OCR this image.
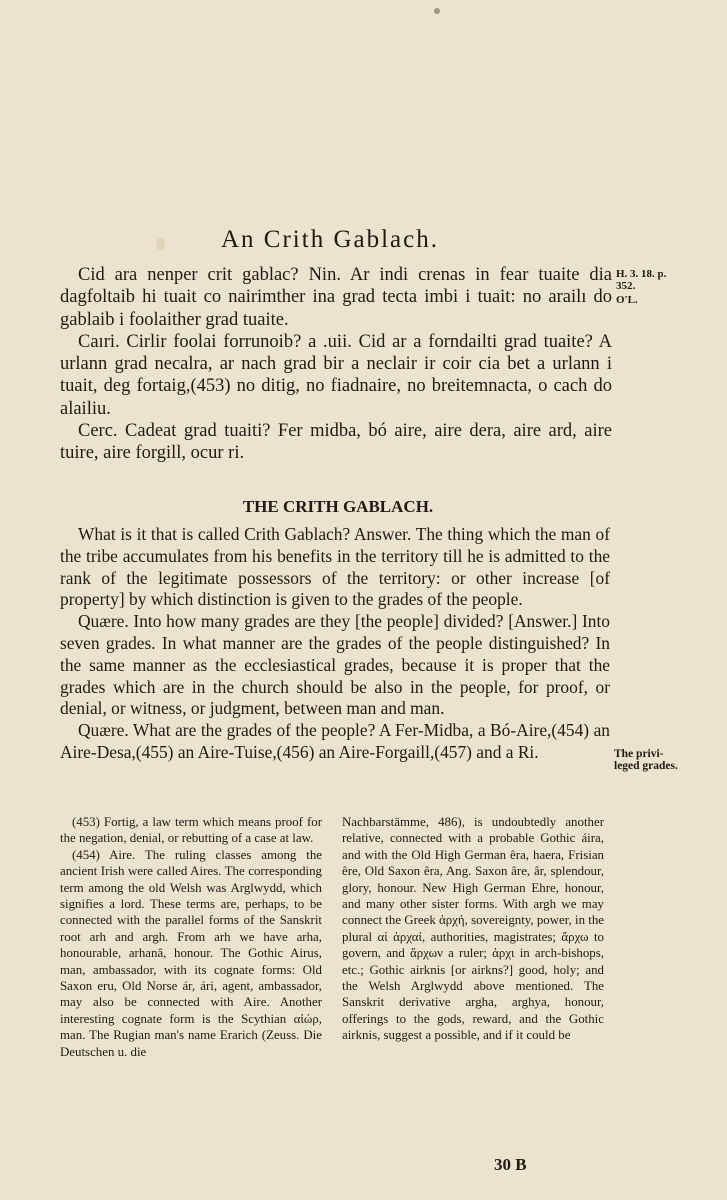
An Crith Gablach.

Cid ara nenper crit gablac? Nin. Ar indi crenas in fear tuaite dia dagfoltaib hi tuait co nairimther ina grad tecta imbi i tuait: no arailı do gablaib i foolaither grad tuaite.

Caıri. Cirlir foolai forrunoib? a .uii. Cid ar a forndailti grad tuaite? A urlann grad necalra, ar nach grad bir a neclair ir coir cia bet a urlann i tuait, deg fortaig,(453) no ditig, no fiadnaire, no breitemnacta, o cach do alailiu.

Cerc. Cadeat grad tuaiti? Fer midba, bó aire, aire dera, aire ard, aire tuire, aire forgill, ocur ri.

H. 3. 18. p.
352.
O'L.
THE CRITH GABLACH.

What is it that is called Crith Gablach? Answer. The thing which the man of the tribe accumulates from his benefits in the territory till he is admitted to the rank of the legitimate possessors of the territory: or other increase [of property] by which distinction is given to the grades of the people.

Quære. Into how many grades are they [the people] divided? [Answer.] Into seven grades. In what manner are the grades of the people distinguished? In the same manner as the ecclesiastical grades, because it is proper that the grades which are in the church should be also in the people, for proof, or denial, or witness, or judgment, between man and man.

Quære. What are the grades of the people? A Fer-Midba, a Bó-Aire,(454) an Aire-Desa,(455) an Aire-Tuise,(456) an Aire-Forgaill,(457) and a Ri.	The privi-
leged grades.

(453) Fortig, a law term which means proof for the negation, denial, or rebutting of a case at law.

(454) Aire. The ruling classes among the ancient Irish were called Aires. The corresponding term among the old Welsh was Arglwydd, which signifies a lord. These terms are, perhaps, to be connected with the parallel forms of the Sanskrit root arh and argh. From arh we have arha, honourable, arhanâ, honour. The Gothic Airus, man, ambassador, with its cognate forms: Old Saxon eru, Old Norse ár, ári, agent, ambassador, may also be connected with Aire. Another interesting cognate form is the Scythian αἰώρ, man. The Rugian man's name Erarich (Zeuss. Die Deutschen u. die

Nachbarstämme, 486), is undoubtedly another relative, connected with a probable Gothic áira, and with the Old High German êra, haera, Frisian êre, Old Saxon êra, Ang. Saxon âre, âr, splendour, glory, honour. New High German Ehre, honour, and many other sister forms. With argh we may connect the Greek ἀρχή, sovereignty, power, in the plural αἱ ἀρχαί, authorities, magistrates; ἄρχω to govern, and ἄρχων a ruler; ἀρχι in arch-bishops, etc.; Gothic airknis [or airkns?] good, holy; and the Welsh Arglwydd above mentioned. The Sanskrit derivative argha, arghya, honour, offerings to the gods, reward, and the Gothic airknis, suggest a possible, and if it could be

30 B
